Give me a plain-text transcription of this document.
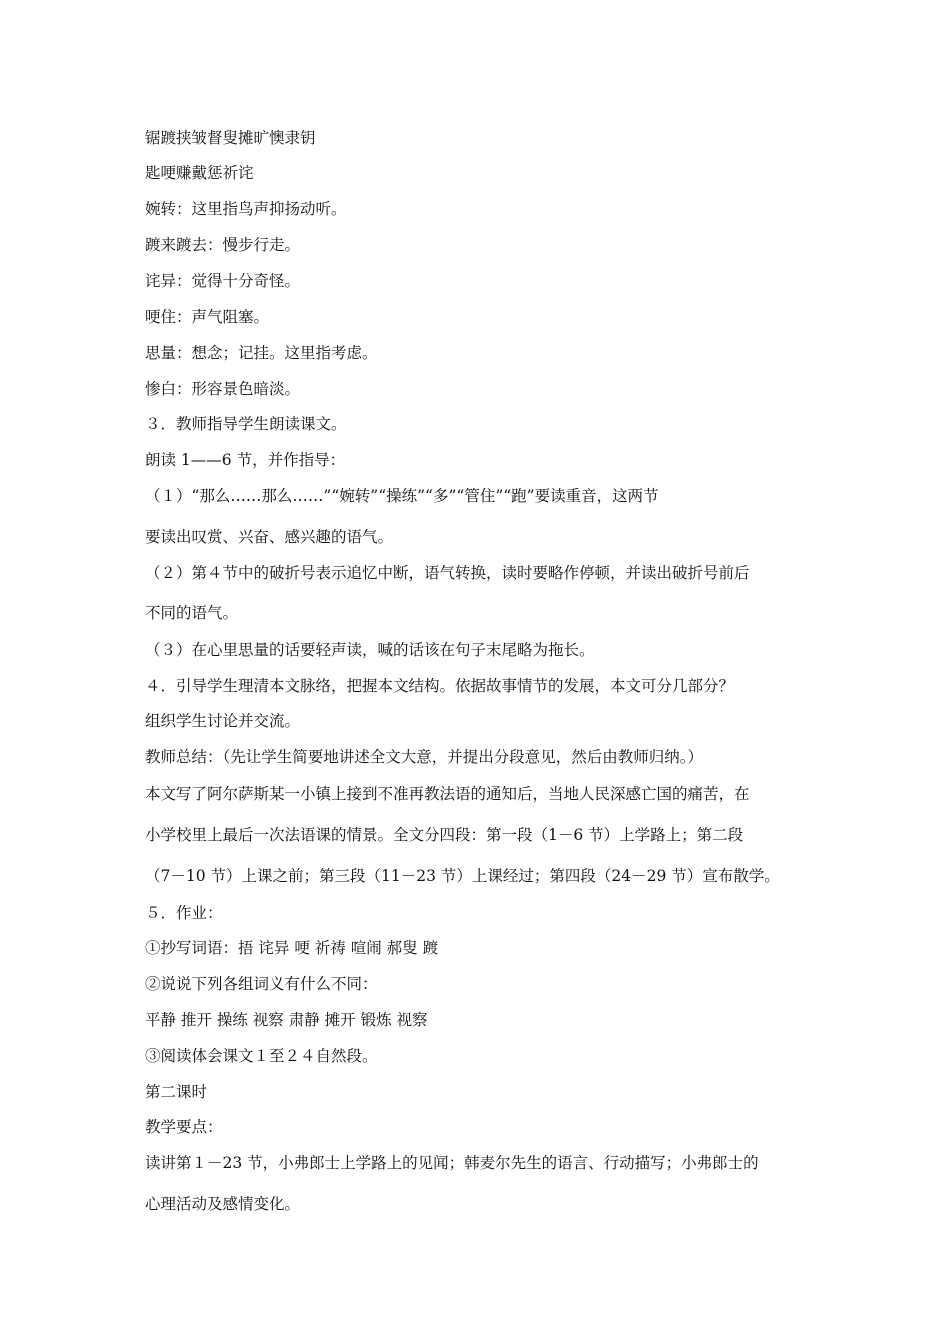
锯踱挟皱督叟摊旷懊隶钥
匙哽赚戴惩祈诧
婉转：这里指鸟声抑扬动听。
踱来踱去：慢步行走。
诧异：觉得十分奇怪。
哽住：声气阻塞。
思量：想念；记挂。这里指考虑。
惨白：形容景色暗淡。
３．教师指导学生朗读课文。
朗读 1——6 节，并作指导：
（１）“那么……那么……”“婉转”“操练”“多”“管住”“跑”要读重音，这两节
要读出叹赏、兴奋、感兴趣的语气。
（２）第４节中的破折号表示追忆中断，语气转换，读时要略作停顿，并读出破折号前后
不同的语气。
（３）在心里思量的话要轻声读，喊的话该在句子末尾略为拖长。
４．引导学生理清本文脉络，把握本文结构。依据故事情节的发展，本文可分几部分？
组织学生讨论并交流。
教师总结：（先让学生简要地讲述全文大意，并提出分段意见，然后由教师归纳。）
本文写了阿尔萨斯某一小镇上接到不准再教法语的通知后，当地人民深感亡国的痛苦，在
小学校里上最后一次法语课的情景。全文分四段：第一段（1－6 节）上学路上；第二段
（7－10 节）上课之前；第三段（11－23 节）上课经过；第四段（24－29 节）宣布散学。
５．作业：
①抄写词语：捂 诧异 哽 祈祷 喧闹 郝叟 踱
②说说下列各组词义有什么不同：
平静 推开 操练 视察 肃静 摊开 锻炼 视察
③阅读体会课文１至２４自然段。
第二课时
教学要点：
读讲第１－23 节，小弗郎士上学路上的见闻；韩麦尔先生的语言、行动描写；小弗郎士的
心理活动及感情变化。
